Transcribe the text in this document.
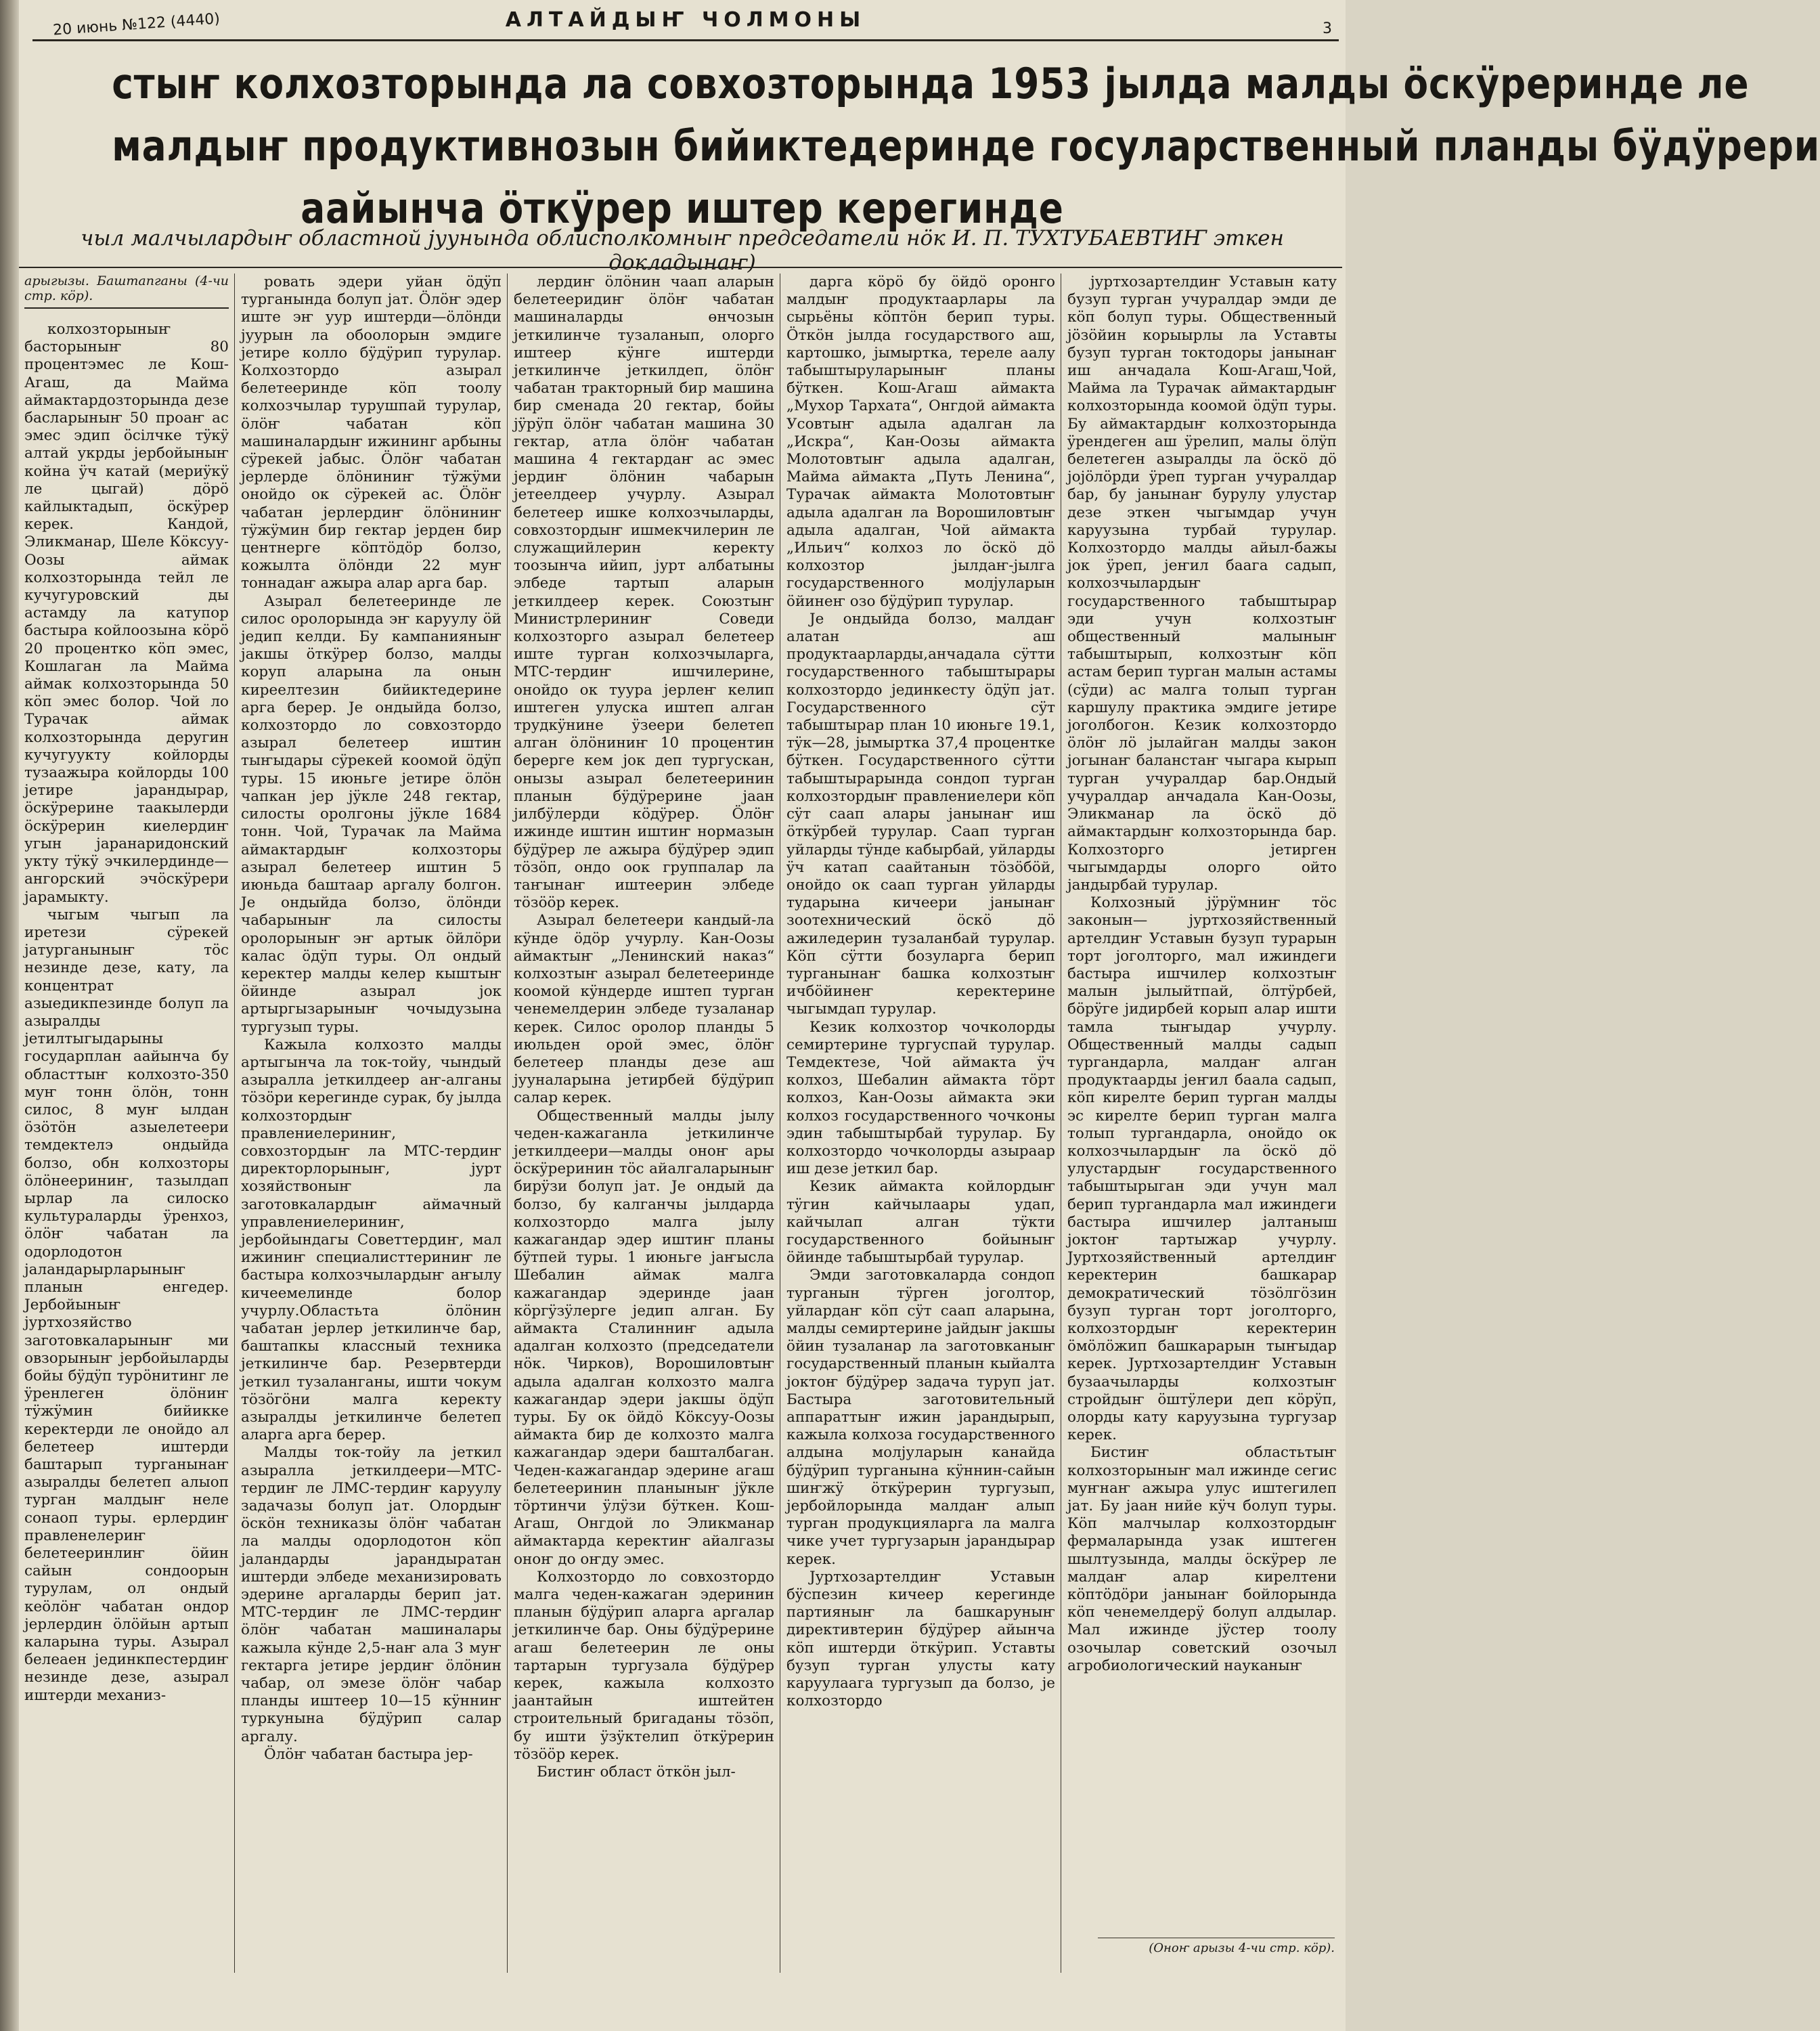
20 июнь №122 (4440)	АЛТАЙДЫҤ ЧОЛМОНЫ	3
стыҥ колхозторында ла совхозторында 1953 јылда малды öскÿреринде ле
малдыҥ продуктивнозын бийиктедеринде госуларственный планды бÿдÿрери
аайынча öткÿрер иштер керегинде
чыл малчылардыҥ областной јуунында облисполкомныҥ председатели нöк И. П. ТУХТУБАЕВТИҤ эткен докладынаҥ)

арыгызы. Баштапганы (4-чи стр. кöр).

колхозторыныҥ басторыныҥ 80 процентэмес ле Кош-Агаш, да Майма аймактардозторында дезе басларыныҥ 50 проаҥ ас эмес эдип öсiлчке тÿкÿ алтай укрды јербойыныҥ койна ÿч катай (мериÿкÿ ле цыгай) дöрö кайлыктадып, öскÿрер керек. Кандой, Эликманар, Шеле Кöксуу-Оозы аймак колхозторында тейл ле кучугуровский ды астамду ла катупор бастыра койлоозына кöрö 20 процентко кöп эмес, Кошлаган ла Майма аймак колхозторында 50 кöп эмес болор. Чой ло Турачак аймак колхозторында деругин кучугуукту койлорды тузаажыра койлорды 100 јетире јарандырар, öскÿрерине таакылерди öскÿрерин киелердиҥ угын јаранаридонский укту тÿкÿ эчкилердинде—ангорский эчöскÿрери јарамыкту.

чыгым чыгып ла иретези сÿрекей јатурганыныҥ тöс незинде дезе, кату, ла концентрат азыедикпезинде болуп ла азыралды јетилтыгыдарыны государплан аайынча бу областтыҥ колхозто-350 муҥ тонн öлöн, тонн силос, 8 муҥ ылдан öзöтöн азыелетеери темдектелэ ондыйда болзо, обн колхозторы öлöнеериниҥ, тазылдап ырлар ла силоско культураларды ÿренхоз, öлöҥ чабатан ла одорлодотон јаландарырларыныҥ планын енгедер. Јербойыныҥ јуртхозяйство заготовкаларыныҥ ми овзорыныҥ јербойыларды бойы бÿдÿп турöнитинг ле ÿренлеген öлöниҥ тÿжÿмин бийикке керектерди ле онойдо ал белетеер иштерди баштарып турганынаҥ азыралды белетеп алыоп турган малдыҥ неле сонаоп туры. ерлердиҥ правленелериҥ белетееринлиҥ öйин сайын сондоорын турулам, ол ондый кеöлöҥ чабатан ондор јерлердин öлöйын артып каларына туры. Азырал белеаен јединкпестердиҥ незинде дезе, азырал иштерди механиз-

ровать эдери уйан öдÿп турганында болуп јат. Öлöҥ эдер иште эҥ уур иштерди—öлöнди јуурын ла обоолорын эмдиге јетире колло бÿдÿрип турулар. Колхозтордо азырал белетееринде кöп тоолу колхозчылар турушпай турулар, öлöҥ чабатан кöп машиналардыҥ ижининг арбыны сÿрекей јабыс. Öлöҥ чабатан јерлерде öлöниниҥ тÿжÿми онойдо ок сÿрекей ас. Öлöҥ чабатан јерлердиҥ öлöниниҥ тÿжÿмин бир гектар јерден бир центнерге кöптöдöр болзо, кожылта öлöнди 22 муҥ тоннадаҥ ажыра алар арга бар.

Азырал белетееринде ле силос оролорында эҥ каруулу öй једип келди. Бу кампанияныҥ јакшы öткÿрер болзо, малды коруп аларына ла онын киреелтезин бийиктедерине арга берер. Је ондыйда болзо, колхозтордо ло совхозтордо азырал белетеер иштин тыҥыдары сÿрекей коомой öдÿп туры. 15 июньге јетире öлöн чапкан јер јÿкле 248 гектар, силосты оролгоны јÿкле 1684 тонн. Чой, Турачак ла Майма аймактардыҥ колхозторы азырал белетеер иштин 5 июньда баштаар аргалу болгон. Је ондыйда болзо, öлöнди чабарыныҥ ла силосты оролорыныҥ эҥ артык öйлöри калас öдÿп туры. Ол ондый керектер малды келер кыштыҥ öйинде азырал јок артыргызарыныҥ чочыдузына тургузып туры.

Кажыла колхозто малды артыгынча ла ток-тойу, чындый азыралла јеткилдеер аҥ-алганы тöзöри керегинде сурак, бу јылда колхозтордыҥ правлениелериниҥ, совхозтордыҥ ла МТС-тердиҥ директорлорыныҥ, јурт хозяйствоныҥ ла заготовкалардыҥ аймачный управлениелериниҥ, јербойындагы Советтердиҥ, мал ижиниҥ специалисттериниҥ ле бастыра колхозчылардыҥ аҥылу кичеемелинде болор учурлу.Областьта öлöнин чабатан јерлер јеткилинче бар, баштапкы классный техника јеткилинче бар. Резервтерди јеткил тузаланганы, ишти чокум тöзöгöни малга керекту азыралды јеткилинче белетеп аларга арга берер.

Малды ток-тойу ла јеткил азыралла јеткилдеери—МТС-тердиҥ ле ЛМС-тердиҥ каруулу задачазы болуп јат. Олордыҥ öскöн техниказы öлöҥ чабатан ла малды одорлодотон кöп јаландарды јарандыратан иштерди элбеде механизировать эдерине аргаларды берип јат. МТС-тердиҥ ле ЛМС-тердиҥ öлöҥ чабатан машиналары кажыла кÿнде 2,5-наҥ ала 3 муҥ гектарга јетире јердиҥ öлöнин чабар, ол эмезе öлöҥ чабар планды иштеер 10—15 кÿнниҥ туркунына бÿдÿрип салар аргалу.

Öлöҥ чабатан бастыра јер-

лердиҥ öлöнин чаап аларын белетееридиҥ öлöҥ чабатан машиналарды өнчозын јеткилинче тузаланып, олорго иштеер кÿнге иштерди јеткилинче јеткилдеп, öлöҥ чабатан тракторный бир машина бир сменада 20 гектар, бойы јÿрÿп öлöҥ чабатан машина 30 гектар, атла öлöҥ чабатан машина 4 гектардаҥ ас эмес јердиҥ öлöнин чабарын јетеелдеер учурлу. Азырал белетеер ишке колхозчыларды, совхозтордыҥ ишмекчилерин ле служащийлерин керекту тоозынча ийип, јурт албатыны элбеде тартып аларын јеткилдеер керек. Союзтыҥ Министрлериниҥ Соведи колхозторго азырал белетеер иште турган колхозчыларга, МТС-тердиҥ ишчилерине, онойдо ок туура јерлеҥ келип иштеген улуска иштеп алган трудкÿнине ÿзеери белетеп алган öлöниниҥ 10 процентин берерге кем јок деп тургускан, онызы азырал белетееринин планын бÿдÿрерине јаан јилбÿлерди кöдÿрер. Öлöҥ ижинде иштин иштиҥ нормазын бÿдÿрер ле ажыра бÿдÿрер эдип тöзöп, ондо оок группалар ла таҥынаҥ иштеерин элбеде тöзööр керек.

Азырал белетеери кандый-ла кÿнде öдöр учурлу. Кан-Оозы аймактыҥ „Ленинский наказ“ колхозтыҥ азырал белетееринде коомой кÿндерде иштеп турган ченемелдерин элбеде тузаланар керек. Силос оролор планды 5 июльден орой эмес, öлöҥ белетеер планды дезе аш јууналарына јетирбей бÿдÿрип салар керек.

Общественный малды јылу чеден-кажаганла јеткилинче јеткилдеери—малды оноҥ ары öскÿреринин тöс айалгаларыныҥ бирÿзи болуп јат. Је ондый да болзо, бу калганчы јылдарда колхозтордо малга јылу кажагандар эдер иштиҥ планы бÿтпей туры. 1 июньге јаҥысла Шебалин аймак малга кажагандар эдеринде јаан кöргÿзÿлерге једип алган. Бу аймакта Сталинниҥ адыла адалган колхозто (председатели нöк. Чирков), Ворошиловтыҥ адыла адалган колхозто малга кажагандар эдери јакшы öдÿп туры. Бу ок öйдö Кöксуу-Оозы аймакта бир де колхозто малга кажагандар эдери башталбаган. Чеден-кажагандар эдерине агаш белетееринин планыныҥ јÿкле тöртинчи ÿлÿзи бÿткен. Кош-Агаш, Онгдой ло Эликманар аймактарда керектиҥ айалгазы оноҥ до оҥду эмес.

Колхозтордо ло совхозтордо малга чеден-кажаган эдеринин планын бÿдÿрип аларга аргалар јеткилинче бар. Оны бÿдÿрерине агаш белетеерин ле оны тартарын тургузала бÿдÿрер керек, кажыла колхозто јаантайын иштейтен строительный бригаданы тöзöп, бу ишти ÿзÿктелип öткÿрерин тöзööр керек.

Бистиҥ област öткöн јыл-

дарга кöрö бу öйдö оронго малдыҥ продуктаарлары ла сырьёны кöптöн берип туры. Öткöн јылда государствого аш, картошко, јымыртка, тереле аалу табыштыруларыныҥ планы бÿткен. Кош-Агаш аймакта „Мухор Тархата“, Онгдой аймакта Усовтыҥ адыла адалган ла „Искра“, Кан-Оозы аймакта Молотовтыҥ адыла адалган, Майма аймакта „Путь Ленина“, Турачак аймакта Молотовтыҥ адыла адалган ла Ворошиловтыҥ адыла адалган, Чой аймакта „Ильич“ колхоз ло öскö дö колхозтор јылдаҥ-јылга государственного молјуларын öйинеҥ озо бÿдÿрип турулар.

Је ондыйда болзо, малдаҥ алатан аш продуктаарларды,анчадала сÿтти государственного табыштырары колхозтордо јединкесту öдÿп јат. Государственного сÿт табыштырар план 10 июньге 19.1, тÿк—28, јымыртка 37,4 процентке бÿткен. Государственного сÿтти табыштырарында сондоп турган колхозтордыҥ правлениелери кöп сÿт саап алары јанынаҥ иш öткÿрбей турулар. Саап турган уйларды тÿнде кабырбай, уйларды ÿч катап саайтанын тöзöбöй, онойдо ок саап турган уйларды тударына кичеери јанынаҥ зоотехнический öскö дö ажиледерин тузаланбай турулар. Кöп сÿтти бозуларга берип турганынаҥ башка колхозтыҥ ичбöйинеҥ керектерине чыгымдап турулар.

Кезик колхозтор чочколорды семиртерине тургуспай турулар. Темдектезе, Чой аймакта ÿч колхоз, Шебалин аймакта тöрт колхоз, Кан-Оозы аймакта эки колхоз государственного чочконы эдин табыштырбай турулар. Бу колхозтордо чочколорды азыраар иш дезе јеткил бар.

Кезик аймакта койлордыҥ тÿгин кайчылаары удап, кайчылап алган тÿкти государственного бойыныҥ öйинде табыштырбай турулар.

Эмди заготовкаларда сондоп турганын тÿрген јоголтор, уйлардаҥ кöп сÿт саап аларына, малды семиртерине јайдыҥ јакшы öйин тузаланар ла заготовканыҥ государственный планын кыйалта јоктоҥ бÿдÿрер задача туруп јат. Бастыра заготовительный аппараттыҥ ижин јарандырып, кажыла колхоза государственного алдына молјуларын канайда бÿдÿрип турганына кÿннин-сайын шиҥжÿ öткÿрерин тургузып, јербойлорында малдаҥ алып турган продукцияларга ла малга чике учет тургузарын јарандырар керек.

Јуртхозартелдиҥ Уставын бÿспезин кичеер керегинде партияныҥ ла башкаруныҥ директивтерин бÿдÿрер айынча кöп иштерди öткÿрип. Уставты бузуп турган улусты кату каруулаага тургузып да болзо, је колхозтордо

јуртхозартелдиҥ Уставын кату бузуп турган учуралдар эмди де кöп болуп туры. Общественный јöзöйин корыырлы ла Уставты бузуп турган токтодоры јанынаҥ иш анчадала Кош-Агаш,Чой, Майма ла Турачак аймактардыҥ колхозторында коомой öдÿп туры. Бу аймактардыҥ колхозторында ÿрендеген аш ÿрелип, малы öлÿп белетеген азыралды ла öскö дö јоjöлöрди ÿреп турган учуралдар бар, бу јанынаҥ бурулу улустар дезе эткен чыгымдар учун каруузына турбай турулар. Колхозтордо малды айыл-бажы јок ÿреп, јеҥил баага садып, колхозчылардыҥ государственного табыштырар эди учун колхозтыҥ общественный малыныҥ табыштырып, колхозтыҥ кöп астам берип турган малын астамы (сÿди) ас малга толып турган каршулу практика эмдиге јетире јоголбогон. Кезик колхозтордо öлöҥ лö јылайган малды закон јогынаҥ баланстаҥ чыгара кырып турган учуралдар бар.Ондый учуралдар анчадала Кан-Оозы, Эликманар ла öскö дö аймактардыҥ колхозторында бар. Колхозторго јетирген чыгымдарды олорго ойто јандырбай турулар.

Колхозный јÿрÿмниҥ тöс законын— јуртхозяйственный артелдиҥ Уставын бузуп турарын торт јоголторго, мал ижиндеги бастыра ишчилер колхозтыҥ малын јылыйтпай, öлтÿрбей, бöрÿге јидирбей корып алар ишти тамла тыҥыдар учурлу. Общественный малды садып тургандарла, малдаҥ алган продуктаарды јеҥил баала садып, кöп кирелте берип турган малды эс кирелте берип турган малга толып тургандарла, онойдо ок колхозчылардыҥ ла öскö дö улустардыҥ государственного табыштырыган эди учун мал берип тургандарла мал ижиндеги бастыра ишчилер јалтаныш јоктоҥ тартыжар учурлу. Јуртхозяйственный артелдиҥ керектерин башкарар демократический тöзöлгöзин бузуп турган торт јоголторго, колхозтордыҥ керектерин öмöлöжип башкарарын тыҥыдар керек. Јуртхозартелдиҥ Уставын бузаачыларды колхозтыҥ стройдыҥ öштÿлери деп кöрÿп, олорды кату каруузына тургузар керек.

Бистиҥ областьтыҥ колхозторыныҥ мал ижинде сегис муҥнаҥ ажыра улус иштегилеп јат. Бу јаан нийе кÿч болуп туры. Кöп малчылар колхозтордыҥ фермаларында узак иштеген шылтузында, малды öскÿрер ле малдаҥ алар кирелтени кöптöдöри јанынаҥ бойлорында кöп ченемелдерÿ болуп алдылар. Мал ижинде јÿстер тоолу озочылар советский озочыл агробиологический науканыҥ

(Оноҥ арызы 4-чи стр. кöр).
